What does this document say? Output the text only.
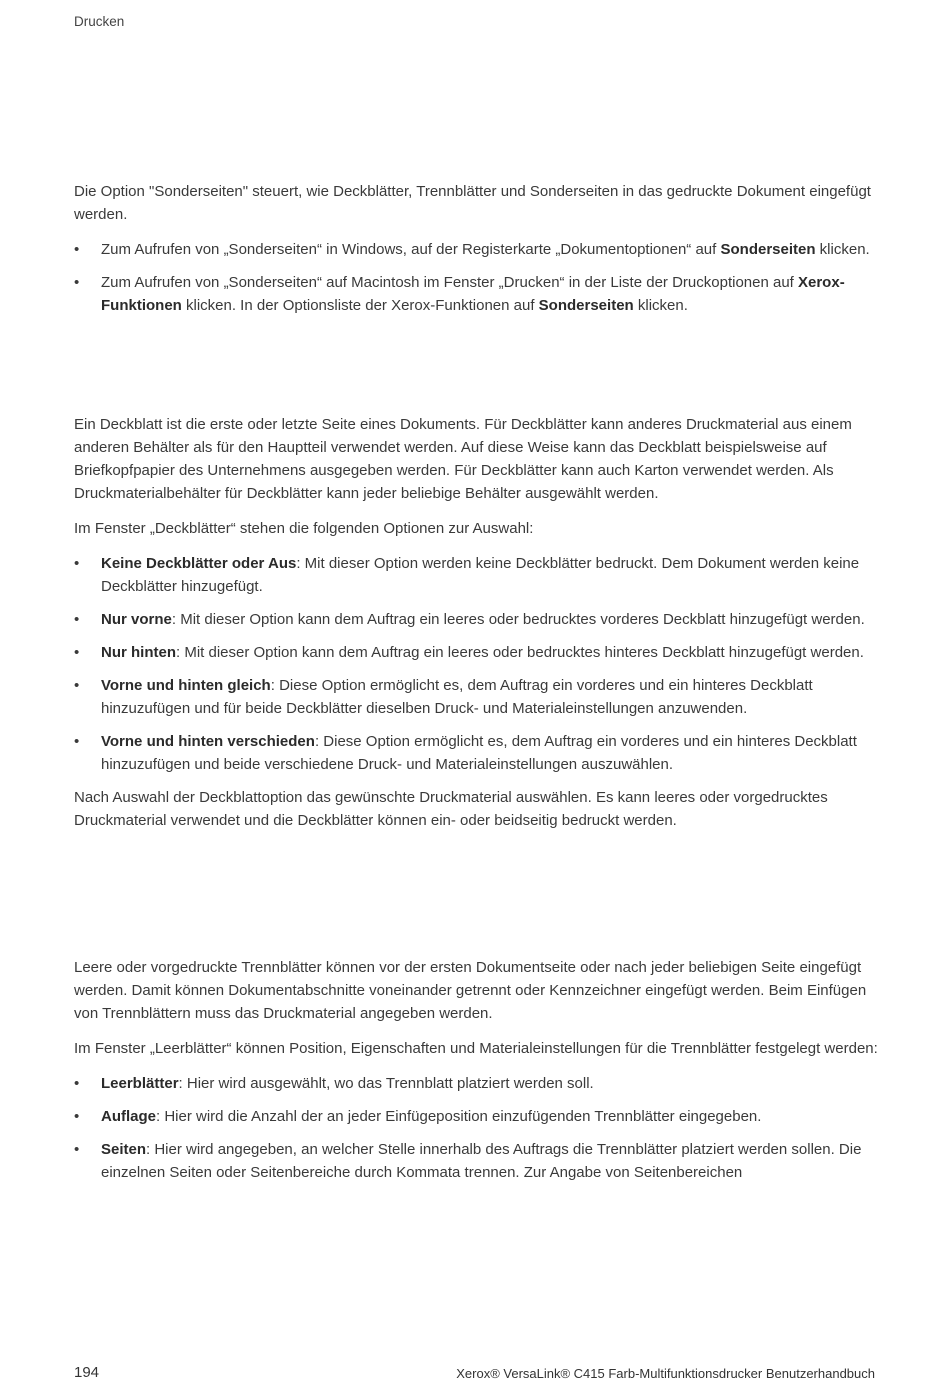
Drucken

Die Option "Sonderseiten" steuert, wie Deckblätter, Trennblätter und Sonderseiten in das gedruckte Dokument eingefügt werden.

• Zum Aufrufen von „Sonderseiten“ in Windows, auf der Registerkarte „Dokumentoptionen“ auf Sonderseiten klicken.
• Zum Aufrufen von „Sonderseiten“ auf Macintosh im Fenster „Drucken“ in der Liste der Druckoptionen auf Xerox-Funktionen klicken. In der Optionsliste der Xerox-Funktionen auf Sonderseiten klicken.

Ein Deckblatt ist die erste oder letzte Seite eines Dokuments. Für Deckblätter kann anderes Druckmaterial aus einem anderen Behälter als für den Hauptteil verwendet werden. Auf diese Weise kann das Deckblatt beispielsweise auf Briefkopfpapier des Unternehmens ausgegeben werden. Für Deckblätter kann auch Karton verwendet werden. Als Druckmaterialbehälter für Deckblätter kann jeder beliebige Behälter ausgewählt werden.

Im Fenster „Deckblätter“ stehen die folgenden Optionen zur Auswahl:

• Keine Deckblätter oder Aus: Mit dieser Option werden keine Deckblätter bedruckt. Dem Dokument werden keine Deckblätter hinzugefügt.
• Nur vorne: Mit dieser Option kann dem Auftrag ein leeres oder bedrucktes vorderes Deckblatt hinzugefügt werden.
• Nur hinten: Mit dieser Option kann dem Auftrag ein leeres oder bedrucktes hinteres Deckblatt hinzugefügt werden.
• Vorne und hinten gleich: Diese Option ermöglicht es, dem Auftrag ein vorderes und ein hinteres Deckblatt hinzuzufügen und für beide Deckblätter dieselben Druck- und Materialeinstellungen anzuwenden.
• Vorne und hinten verschieden: Diese Option ermöglicht es, dem Auftrag ein vorderes und ein hinteres Deckblatt hinzuzufügen und beide verschiedene Druck- und Materialeinstellungen auszuwählen.

Nach Auswahl der Deckblattoption das gewünschte Druckmaterial auswählen. Es kann leeres oder vorgedrucktes Druckmaterial verwendet und die Deckblätter können ein- oder beidseitig bedruckt werden.

Leere oder vorgedruckte Trennblätter können vor der ersten Dokumentseite oder nach jeder beliebigen Seite eingefügt werden. Damit können Dokumentabschnitte voneinander getrennt oder Kennzeichner eingefügt werden. Beim Einfügen von Trennblättern muss das Druckmaterial angegeben werden.

Im Fenster „Leerblätter“ können Position, Eigenschaften und Materialeinstellungen für die Trennblätter festgelegt werden:

• Leerblätter: Hier wird ausgewählt, wo das Trennblatt platziert werden soll.
• Auflage: Hier wird die Anzahl der an jeder Einfügeposition einzufügenden Trennblätter eingegeben.
• Seiten: Hier wird angegeben, an welcher Stelle innerhalb des Auftrags die Trennblätter platziert werden sollen. Die einzelnen Seiten oder Seitenbereiche durch Kommata trennen. Zur Angabe von Seitenbereichen
194	Xerox® VersaLink® C415 Farb-Multifunktionsdrucker Benutzerhandbuch
